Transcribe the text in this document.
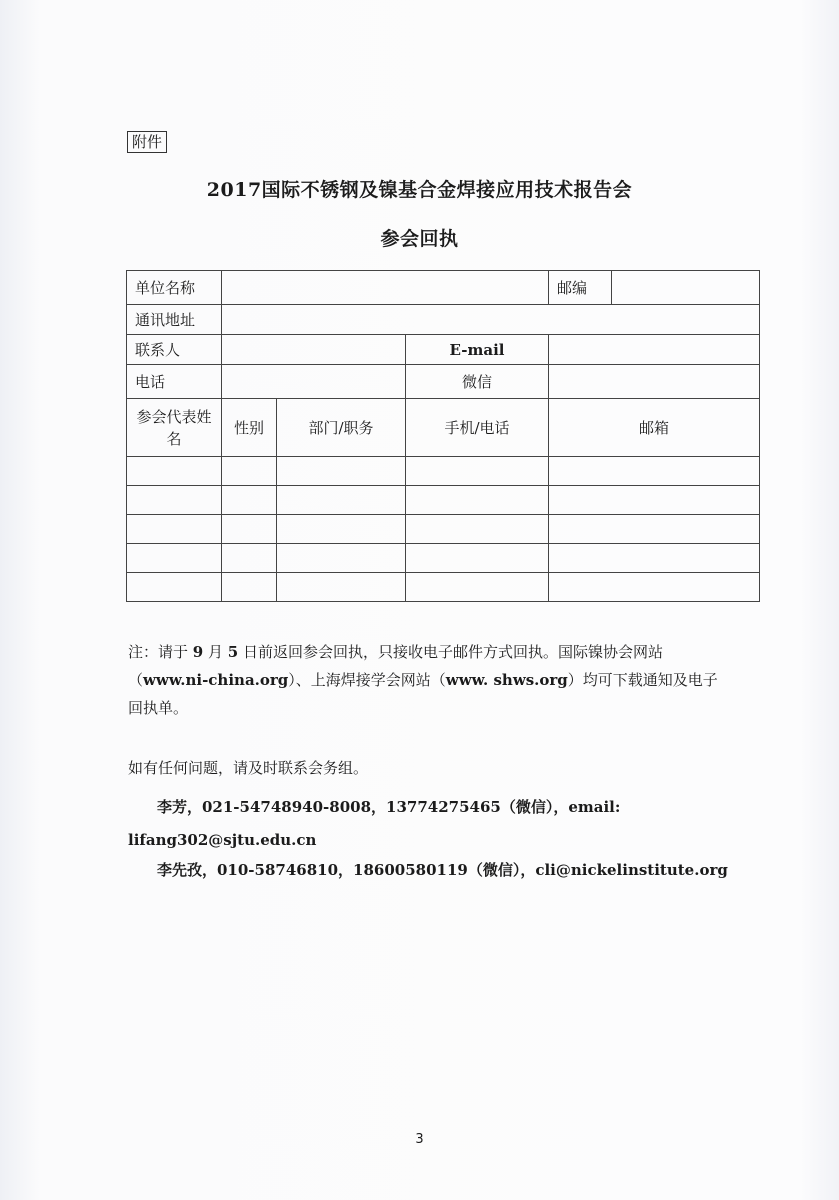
附件
2017国际不锈钢及镍基合金焊接应用技术报告会
参会回执
单位名称				邮编	
通讯地址					
联系人			E-mail		
电话			微信		
参会代表姓名	性别	部门/职务	手机/电话	邮箱	

注：请于 9 月 5 日前返回参会回执，只接收电子邮件方式回执。国际镍协会网站（www.ni-china.org）、上海焊接学会网站（www. shws.org）均可下载通知及电子回执单。
如有任何问题，请及时联系会务组。
李芳，021-54748940-8008，13774275465（微信），email:
lifang302@sjtu.edu.cn
李先孜，010-58746810，18600580119（微信），cli@nickelinstitute.org
3
